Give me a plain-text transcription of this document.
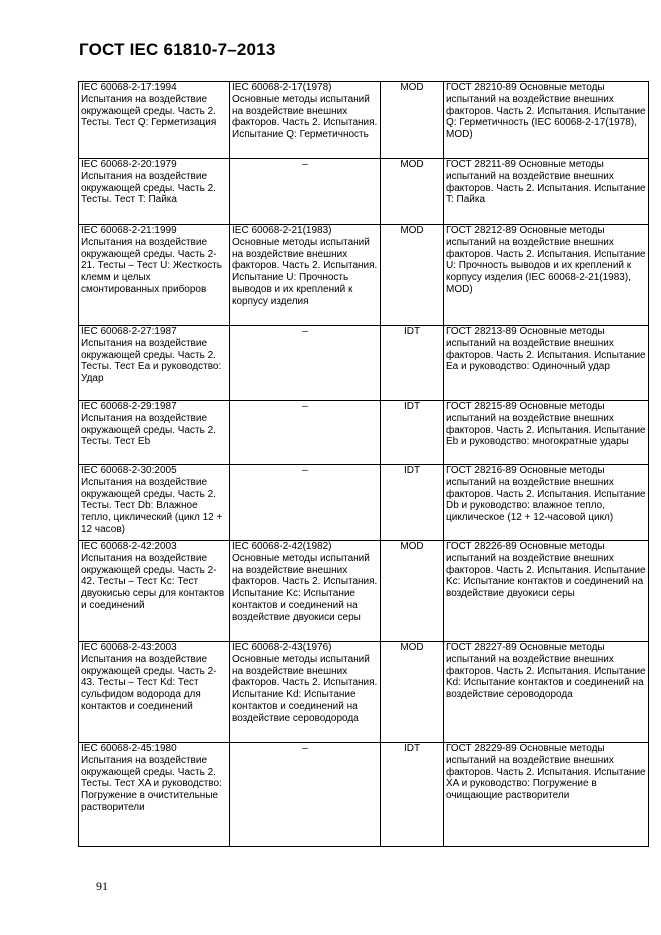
ГОСТ IEC 61810-7–2013
IEC 60068-2-17:1994 Испытания на воздействие окружающей среды. Часть 2. Тесты. Тест Q: Герметизация	IEC 60068-2-17(1978) Основные методы испытаний на воздействие внешних факторов. Часть 2. Испытания. Испытание Q: Герметичность	MOD	ГОСТ 28210-89 Основные методы испытаний на воздействие внешних факторов. Часть 2. Испытания. Испытание Q: Герметичность (IEC 60068-2-17(1978), MOD)
IEC 60068-2-20:1979 Испытания на воздействие окружающей среды. Часть 2. Тесты. Тест T: Пайка	–	MOD	ГОСТ 28211-89 Основные методы испытаний на воздействие внешних факторов. Часть 2. Испытания. Испытание T: Пайка
IEC 60068-2-21:1999 Испытания на воздействие окружающей среды. Часть 2-21. Тесты – Тест U: Жесткость клемм и целых смонтированных приборов	IEC 60068-2-21(1983) Основные методы испытаний на воздействие внешних факторов. Часть 2. Испытания. Испытание U: Прочность выводов и их креплений к корпусу изделия	MOD	ГОСТ 28212-89 Основные методы испытаний на воздействие внешних факторов. Часть 2. Испытания. Испытание U: Прочность выводов и их креплений к корпусу изделия (IEC 60068-2-21(1983), MOD)
IEC 60068-2-27:1987 Испытания на воздействие окружающей среды. Часть 2. Тесты. Тест Ea и руководство: Удар	–	IDT	ГОСТ 28213-89 Основные методы испытаний на воздействие внешних факторов. Часть 2. Испытания. Испытание Ea и руководство: Одиночный удар
IEC 60068-2-29:1987 Испытания на воздействие окружающей среды. Часть 2. Тесты. Тест Eb	–	IDT	ГОСТ 28215-89 Основные методы испытаний на воздействие внешних факторов. Часть 2. Испытания. Испытание Eb и руководство: многократные удары
IEC 60068-2-30:2005 Испытания на воздействие окружающей среды. Часть 2. Тесты. Тест Db: Влажное тепло, циклический (цикл 12 + 12 часов)	–	IDT	ГОСТ 28216-89 Основные методы испытаний на воздействие внешних факторов. Часть 2. Испытания. Испытание Db и руководство: влажное тепло, циклическое (12 + 12-часовой цикл)
IEC 60068-2-42:2003 Испытания на воздействие окружающей среды. Часть 2-42. Тесты – Тест Kc: Тест двуокисью серы для контактов и соединений	IEC 60068-2-42(1982) Основные методы испытаний на воздействие внешних факторов. Часть 2. Испытания. Испытание Kc: Испытание контактов и соединений на воздействие двуокиси серы	MOD	ГОСТ 28226-89 Основные методы испытаний на воздействие внешних факторов. Часть 2. Испытания. Испытание Kc: Испытание контактов и соединений на воздействие двуокиси серы
IEC 60068-2-43:2003 Испытания на воздействие окружающей среды. Часть 2-43. Тесты – Тест Kd: Тест сульфидом водорода для контактов и соединений	IEC 60068-2-43(1976) Основные методы испытаний на воздействие внешних факторов. Часть 2. Испытания. Испытание Kd: Испытание контактов и соединений на воздействие сероводорода	MOD	ГОСТ 28227-89 Основные методы испытаний на воздействие внешних факторов. Часть 2. Испытания. Испытание Kd: Испытание контактов и соединений на воздействие сероводорода
IEC 60068-2-45:1980 Испытания на воздействие окружающей среды. Часть 2. Тесты. Тест XA и руководство: Погружение в очистительные растворители	–	IDT	ГОСТ 28229-89 Основные методы испытаний на воздействие внешних факторов. Часть 2. Испытания. Испытание XA и руководство: Погружение в очищающие растворители
91
